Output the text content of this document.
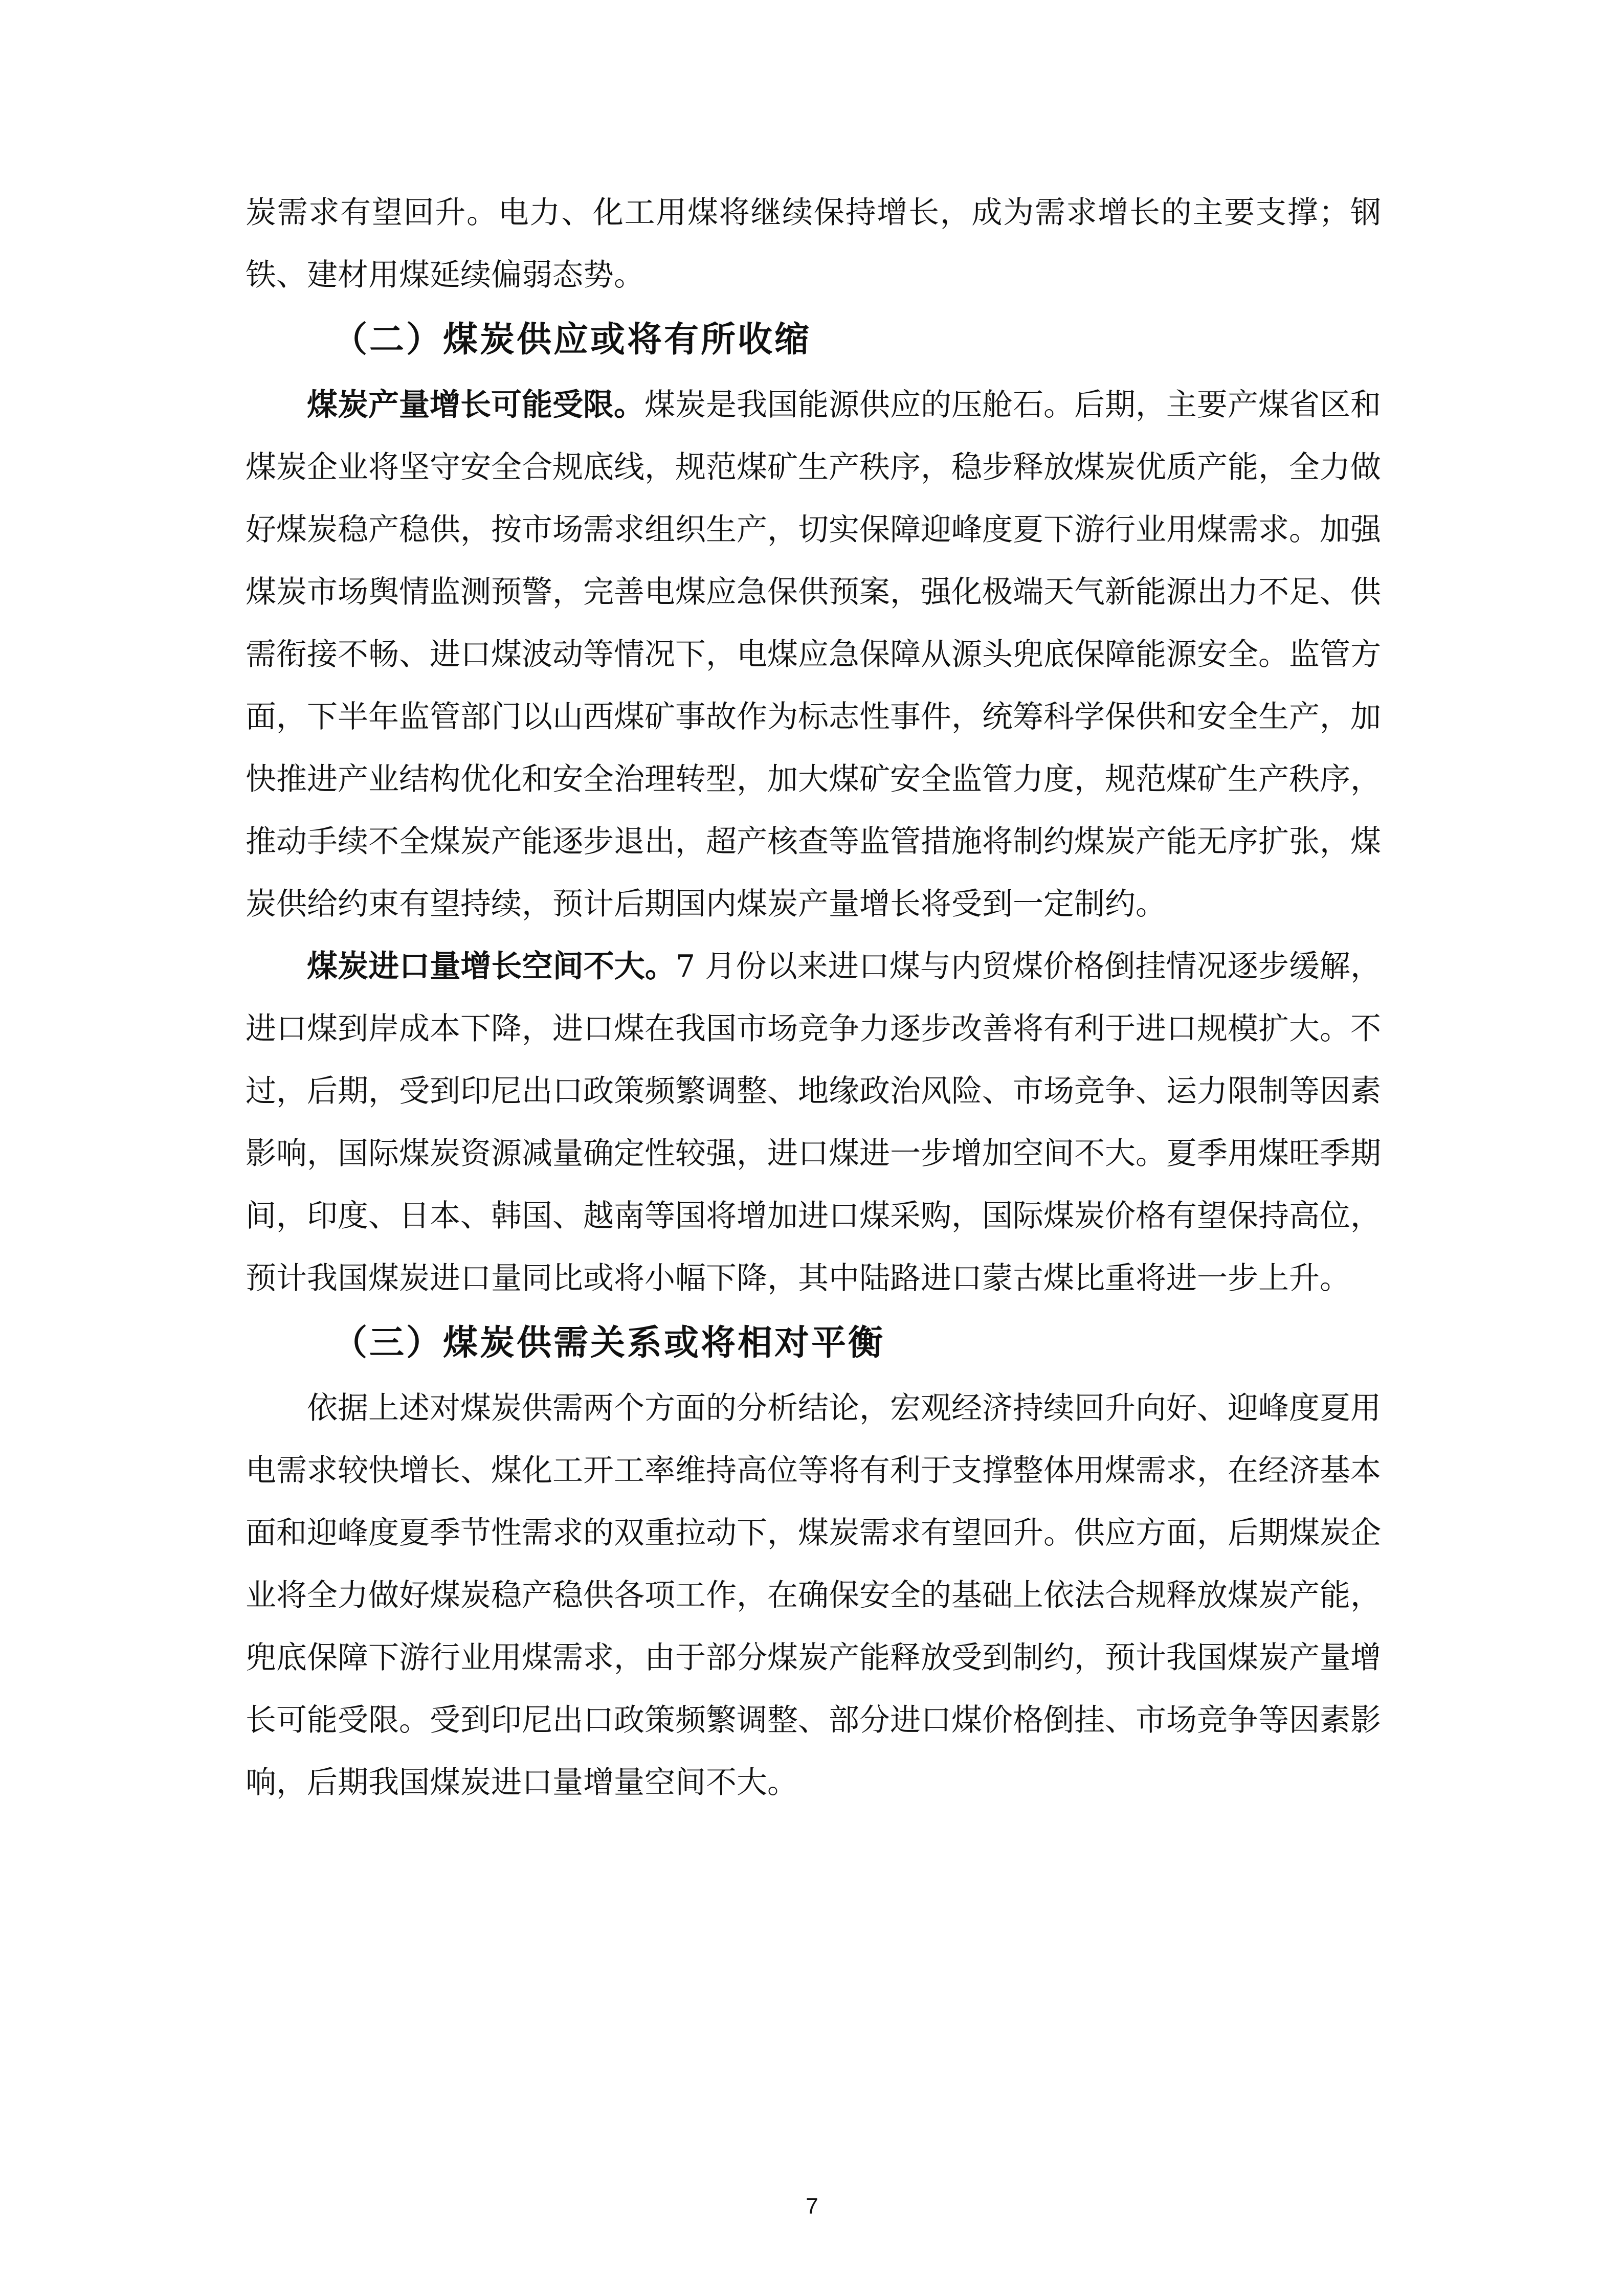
炭需求有望回升。电力、化工用煤将继续保持增长，成为需求增长的主要支撑；钢铁、建材用煤延续偏弱态势。

（二）煤炭供应或将有所收缩

煤炭产量增长可能受限。煤炭是我国能源供应的压舱石。后期，主要产煤省区和煤炭企业将坚守安全合规底线，规范煤矿生产秩序，稳步释放煤炭优质产能，全力做好煤炭稳产稳供，按市场需求组织生产，切实保障迎峰度夏下游行业用煤需求。加强煤炭市场舆情监测预警，完善电煤应急保供预案，强化极端天气新能源出力不足、供需衔接不畅、进口煤波动等情况下，电煤应急保障从源头兜底保障能源安全。监管方面，下半年监管部门以山西煤矿事故作为标志性事件，统筹科学保供和安全生产，加快推进产业结构优化和安全治理转型，加大煤矿安全监管力度，规范煤矿生产秩序，推动手续不全煤炭产能逐步退出，超产核查等监管措施将制约煤炭产能无序扩张，煤炭供给约束有望持续，预计后期国内煤炭产量增长将受到一定制约。

煤炭进口量增长空间不大。7 月份以来进口煤与内贸煤价格倒挂情况逐步缓解，进口煤到岸成本下降，进口煤在我国市场竞争力逐步改善将有利于进口规模扩大。不过，后期，受到印尼出口政策频繁调整、地缘政治风险、市场竞争、运力限制等因素影响，国际煤炭资源减量确定性较强，进口煤进一步增加空间不大。夏季用煤旺季期间，印度、日本、韩国、越南等国将增加进口煤采购，国际煤炭价格有望保持高位，预计我国煤炭进口量同比或将小幅下降，其中陆路进口蒙古煤比重将进一步上升。

（三）煤炭供需关系或将相对平衡

依据上述对煤炭供需两个方面的分析结论，宏观经济持续回升向好、迎峰度夏用电需求较快增长、煤化工开工率维持高位等将有利于支撑整体用煤需求，在经济基本面和迎峰度夏季节性需求的双重拉动下，煤炭需求有望回升。供应方面，后期煤炭企业将全力做好煤炭稳产稳供各项工作，在确保安全的基础上依法合规释放煤炭产能，兜底保障下游行业用煤需求，由于部分煤炭产能释放受到制约，预计我国煤炭产量增长可能受限。受到印尼出口政策频繁调整、部分进口煤价格倒挂、市场竞争等因素影响，后期我国煤炭进口量增量空间不大。

7
